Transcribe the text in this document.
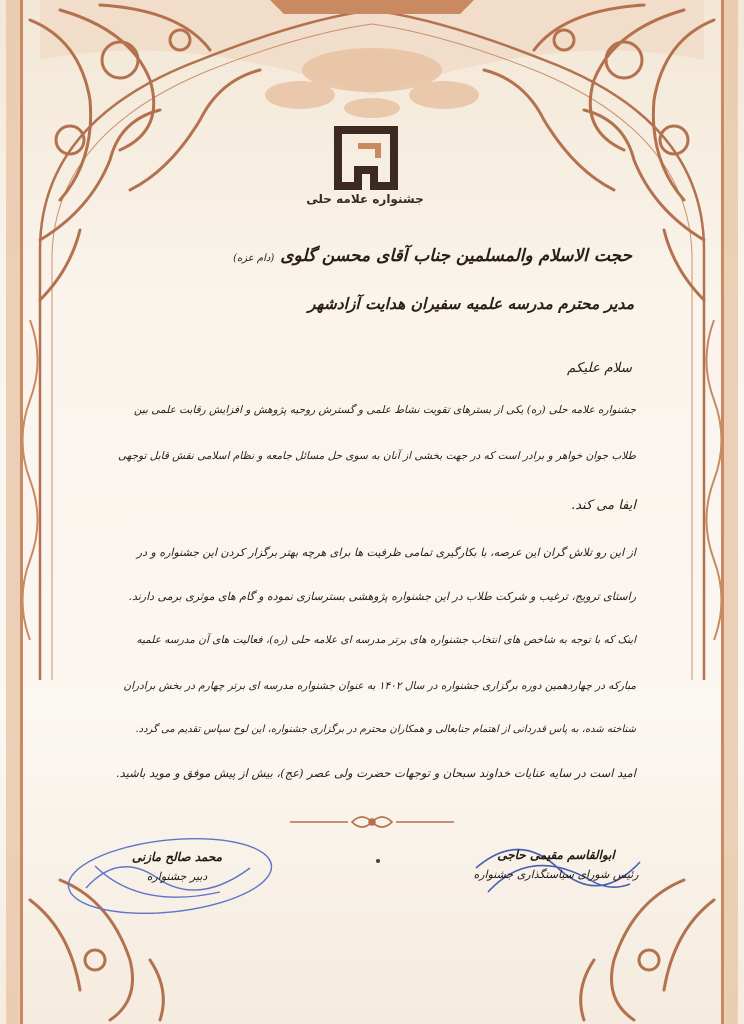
جشنواره علامه حلی
حجت الاسلام والمسلمین جناب آقای محسن گلوی (دام عزه)
مدیر محترم مدرسه علمیه سفیران هدایت آزادشهر
سلام علیکم
جشنواره علامه حلی (ره) یکی از بسترهای تقویت نشاط علمی و گسترش روحیه پژوهش و افزایش رقابت علمی بین
طلاب جوان خواهر و برادر است که در جهت بخشی از آنان به سوی حل مسائل جامعه و نظام اسلامی نقش قابل توجهی
ایفا می کند.
از این رو تلاش گران این عرصه، با بکارگیری تمامی ظرفیت ها برای هرچه بهتر برگزار کردن این جشنواره و در
راستای ترویج، ترغیب و شرکت طلاب در این جشنواره پژوهشی بسترسازی نموده و گام های موثری برمی دارند.
اینک که با توجه به شاخص های انتخاب جشنواره های برتر مدرسه ای علامه حلی (ره)، فعالیت های آن مدرسه علمیه
مبارکه در چهاردهمین دوره برگزاری جشنواره در سال ۱۴۰۲ به عنوان جشنواره مدرسه ای برتر چهارم در بخش برادران
شناخته شده، به پاس قدردانی از اهتمام جنابعالی و همکاران محترم در برگزاری جشنواره، این لوح سپاس تقدیم می گردد.
امید است در سایه عنایات خداوند سبحان و توجهات حضرت ولی عصر (عج)، بیش از پیش موفق و موید باشید.
محمد صالح مازنی
دبیر جشنواره
ابوالقاسم مقیمی حاجی
رئیس شورای سیاستگذاری جشنواره
